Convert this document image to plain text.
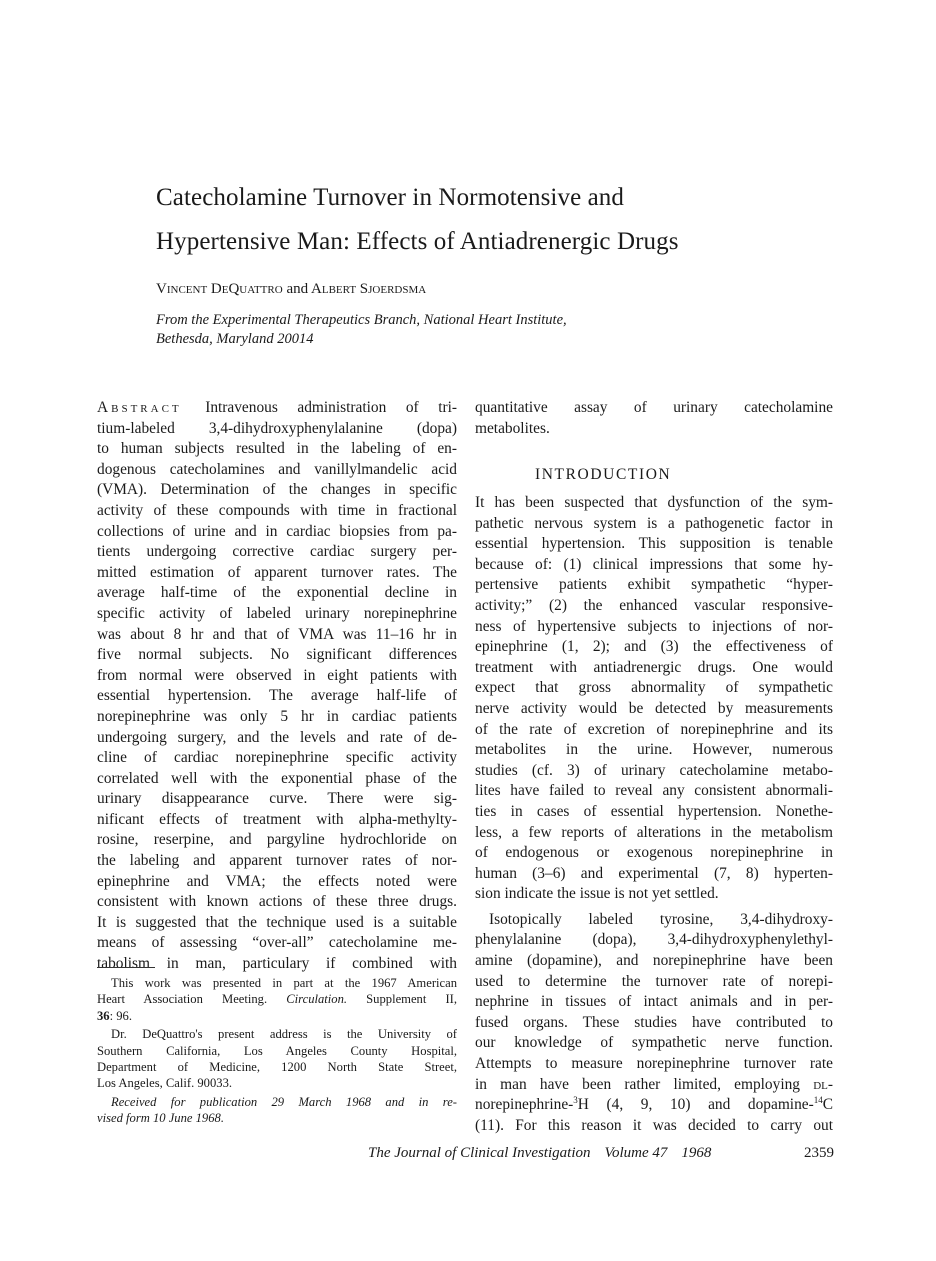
Catecholamine Turnover in Normotensive and
Hypertensive Man: Effects of Antiadrenergic Drugs
Vincent DeQuattro and Albert Sjoerdsma
From the Experimental Therapeutics Branch, National Heart Institute,
Bethesda, Maryland 20014
Abstract Intravenous administration of tri-
tium-labeled 3,4-dihydroxyphenylalanine (dopa)
to human subjects resulted in the labeling of en-
dogenous catecholamines and vanillylmandelic acid
(VMA). Determination of the changes in specific
activity of these compounds with time in fractional
collections of urine and in cardiac biopsies from pa-
tients undergoing corrective cardiac surgery per-
mitted estimation of apparent turnover rates. The
average half-time of the exponential decline in
specific activity of labeled urinary norepinephrine
was about 8 hr and that of VMA was 11–16 hr in
five normal subjects. No significant differences
from normal were observed in eight patients with
essential hypertension. The average half-life of
norepinephrine was only 5 hr in cardiac patients
undergoing surgery, and the levels and rate of de-
cline of cardiac norepinephrine specific activity
correlated well with the exponential phase of the
urinary disappearance curve. There were sig-
nificant effects of treatment with alpha-methylty-
rosine, reserpine, and pargyline hydrochloride on
the labeling and apparent turnover rates of nor-
epinephrine and VMA; the effects noted were
consistent with known actions of these three drugs.
It is suggested that the technique used is a suitable
means of assessing “over-all” catecholamine me-
tabolism in man, particulary if combined with
quantitative assay of urinary catecholamine
metabolites.
INTRODUCTION
It has been suspected that dysfunction of the sym-
pathetic nervous system is a pathogenetic factor in
essential hypertension. This supposition is tenable
because of: (1) clinical impressions that some hy-
pertensive patients exhibit sympathetic “hyper-
activity;” (2) the enhanced vascular responsive-
ness of hypertensive subjects to injections of nor-
epinephrine (1, 2); and (3) the effectiveness of
treatment with antiadrenergic drugs. One would
expect that gross abnormality of sympathetic
nerve activity would be detected by measurements
of the rate of excretion of norepinephrine and its
metabolites in the urine. However, numerous
studies (cf. 3) of urinary catecholamine metabo-
lites have failed to reveal any consistent abnormali-
ties in cases of essential hypertension. Nonethe-
less, a few reports of alterations in the metabolism
of endogenous or exogenous norepinephrine in
human (3–6) and experimental (7, 8) hyperten-
sion indicate the issue is not yet settled.
Isotopically labeled tyrosine, 3,4-dihydroxy-
phenylalanine (dopa), 3,4-dihydroxyphenylethyl-
amine (dopamine), and norepinephrine have been
used to determine the turnover rate of norepi-
nephrine in tissues of intact animals and in per-
fused organs. These studies have contributed to
our knowledge of sympathetic nerve function.
Attempts to measure norepinephrine turnover rate
in man have been rather limited, employing dl-
norepinephrine-$^3$H (4, 9, 10) and dopamine-$^{14}$C
(11). For this reason it was decided to carry out
This work was presented in part at the 1967 American
Heart Association Meeting. Circulation. Supplement II,
36: 96.
Dr. DeQuattro's present address is the University of
Southern California, Los Angeles County Hospital,
Department of Medicine, 1200 North State Street,
Los Angeles, Calif. 90033.
Received for publication 29 March 1968 and in re-
vised form 10 June 1968.
The Journal of Clinical Investigation Volume 47 1968	2359
